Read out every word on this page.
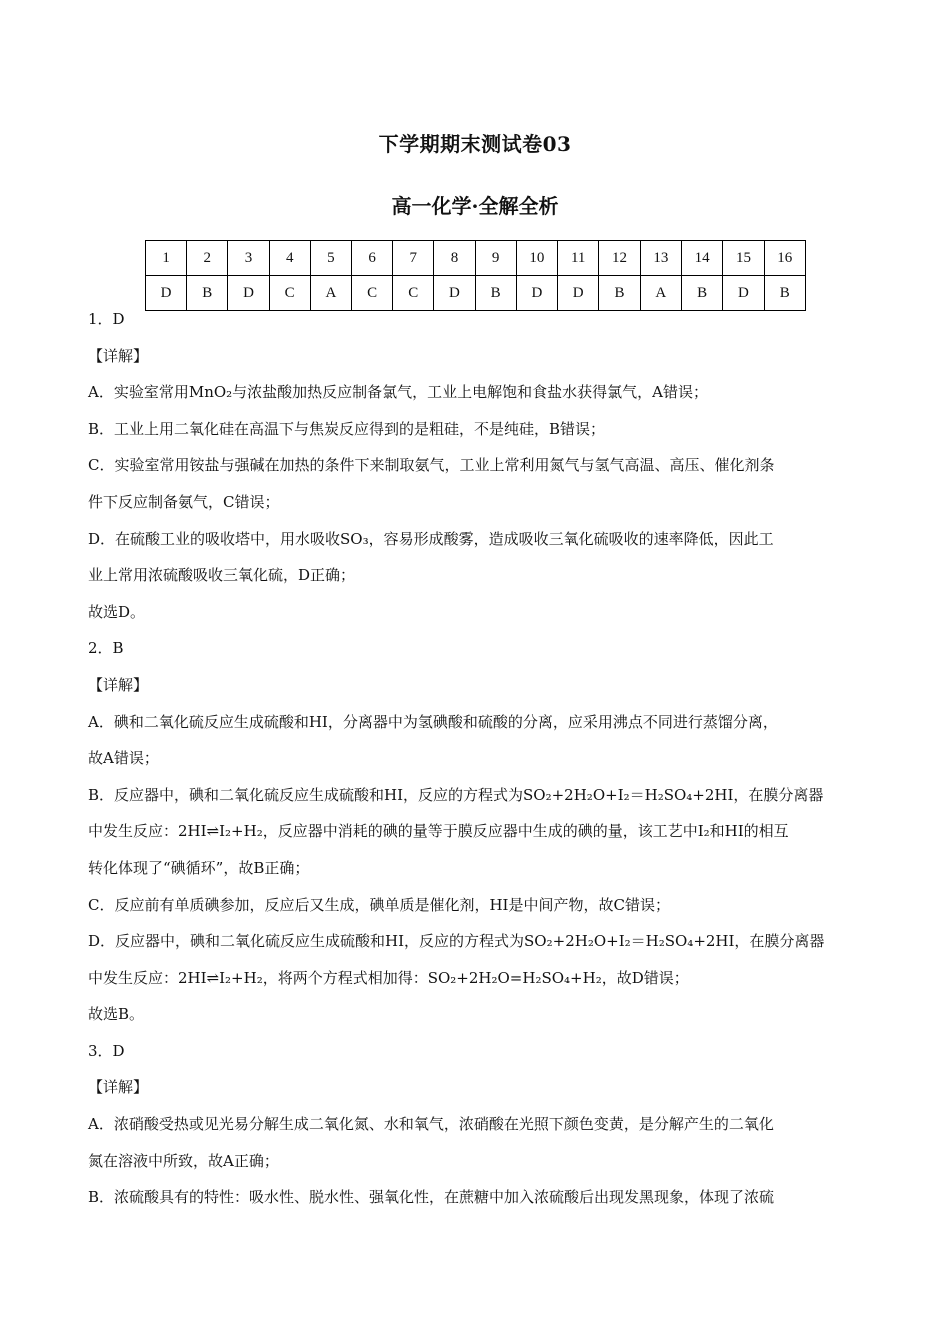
下学期期末测试卷03
高一化学·全解全析
1	2	3	4	5	6	7	8	9	10	11	12	13	14	15	16
D	B	D	C	A	C	C	D	B	D	D	B	A	B	D	B
1．D
【详解】
A．实验室常用MnO₂与浓盐酸加热反应制备氯气，工业上电解饱和食盐水获得氯气，A错误；
B．工业上用二氧化硅在高温下与焦炭反应得到的是粗硅，不是纯硅，B错误；
C．实验室常用铵盐与强碱在加热的条件下来制取氨气，工业上常利用氮气与氢气高温、高压、催化剂条
件下反应制备氨气，C错误；
D．在硫酸工业的吸收塔中，用水吸收SO₃，容易形成酸雾，造成吸收三氧化硫吸收的速率降低，因此工
业上常用浓硫酸吸收三氧化硫，D正确；
故选D。
2．B
【详解】
A．碘和二氧化硫反应生成硫酸和HI，分离器中为氢碘酸和硫酸的分离，应采用沸点不同进行蒸馏分离，
故A错误；
B．反应器中，碘和二氧化硫反应生成硫酸和HI，反应的方程式为SO₂+2H₂O+I₂＝H₂SO₄+2HI，在膜分离器
中发生反应：2HI⇌I₂+H₂，反应器中消耗的碘的量等于膜反应器中生成的碘的量，该工艺中I₂和HI的相互
转化体现了“碘循环”，故B正确；
C．反应前有单质碘参加，反应后又生成，碘单质是催化剂，HI是中间产物，故C错误；
D．反应器中，碘和二氧化硫反应生成硫酸和HI，反应的方程式为SO₂+2H₂O+I₂＝H₂SO₄+2HI，在膜分离器
中发生反应：2HI⇌I₂+H₂，将两个方程式相加得：SO₂+2H₂O=H₂SO₄+H₂，故D错误；
故选B。
3．D
【详解】
A．浓硝酸受热或见光易分解生成二氧化氮、水和氧气，浓硝酸在光照下颜色变黄，是分解产生的二氧化
氮在溶液中所致，故A正确；
B．浓硫酸具有的特性：吸水性、脱水性、强氧化性，在蔗糖中加入浓硫酸后出现发黑现象，体现了浓硫
